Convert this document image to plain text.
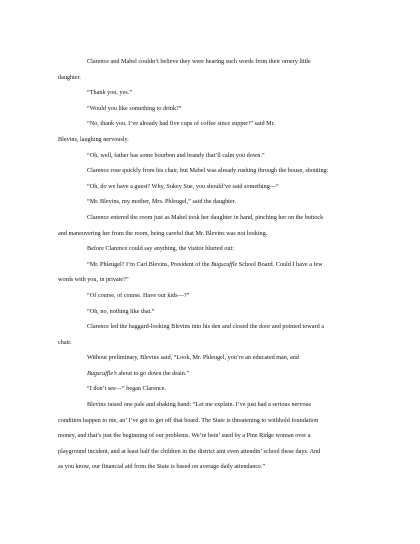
Clarence and Mabel couldn’t believe they were hearing such words from their ornery little

daughter.

“Thank you, yes.”

“Would you like something to drink?”

“No, thank you. I’ve already had five cups of coffee since supper!” said Mr.

Blevins, laughing nervously.

“Oh, well, father has some bourbon and brandy that’ll calm you down.”

Clarence rose quickly from his chair, but Mabel was already rushing through the house, shouting:

“Oh, do we have a guest? Why, Sukey Sue, you should’ve said something—“

“Mr. Blevins, my mother, Mrs. Phleugel,” said the daughter.

Clarence entered the room just as Mabel took her daughter in hand, pinching her on the buttock

and maneuvering her from the room, being careful that Mr. Blevins was not looking.

Before Clarence could say anything, the visitor blurted out:

“Mr. Phleugel? I’m Carl Blevins, President of the Bugscuffle School Board. Could I have a few

words with you, in private?”

“Of course, of course. Have our kids—?”

“Oh, no, nothing like that.”

Clarence led the haggard-looking Blevins into his den and closed the door and pointed toward a

chair.

Without preliminary, Blevins said, “Look, Mr. Phleugel, you’re an educated man, and

Bugscuffle’s about to go down the drain.”

“I don’t see—“ began Clarence.

Blevins raised one pale and shaking hand: “Let me explain. I’ve just had a serious nervous

condition happen to me, an’ I’ve got to get off that board. The State is threatening to withhold foundation

money, and that’s just the beginning of our problems. We’re bein’ sued by a Pine Ridge woman over a

playground incident, and at least half the children in the district aint even attendin’ school these days. And

as you know, our financial aid from the State is based on average daily attendance.”
